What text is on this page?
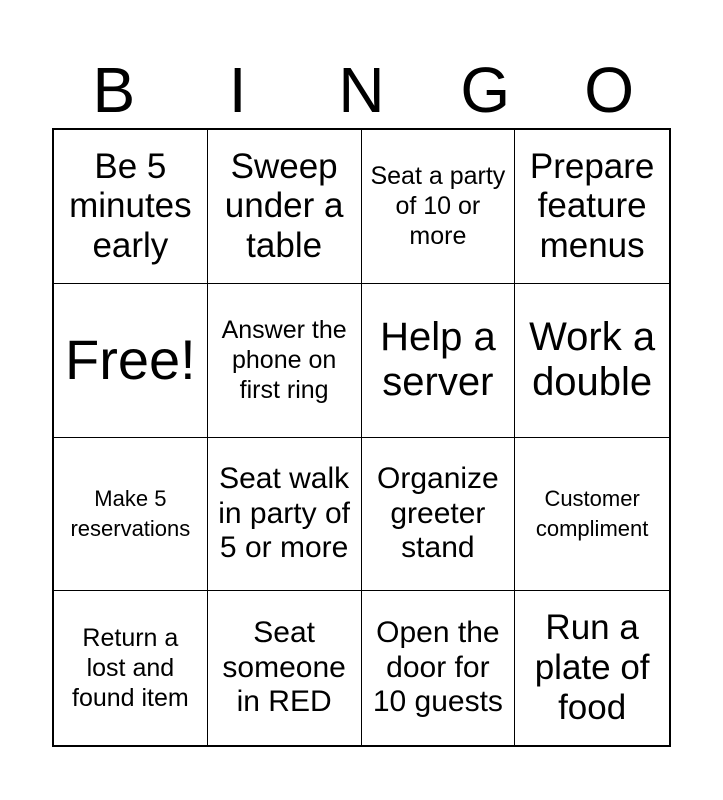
B	I	N	G	O
Be 5 minutes early
Sweep under a table
Seat a party of 10 or more
Prepare feature menus
Free!	Answer the phone on first ring
Help a server
Work a double
Make 5 reservations
Seat walk in party of 5 or more
Organize greeter stand
Customer compliment
Return a lost and found item
Seat someone in RED
Open the door for 10 guests
Run a plate of food
